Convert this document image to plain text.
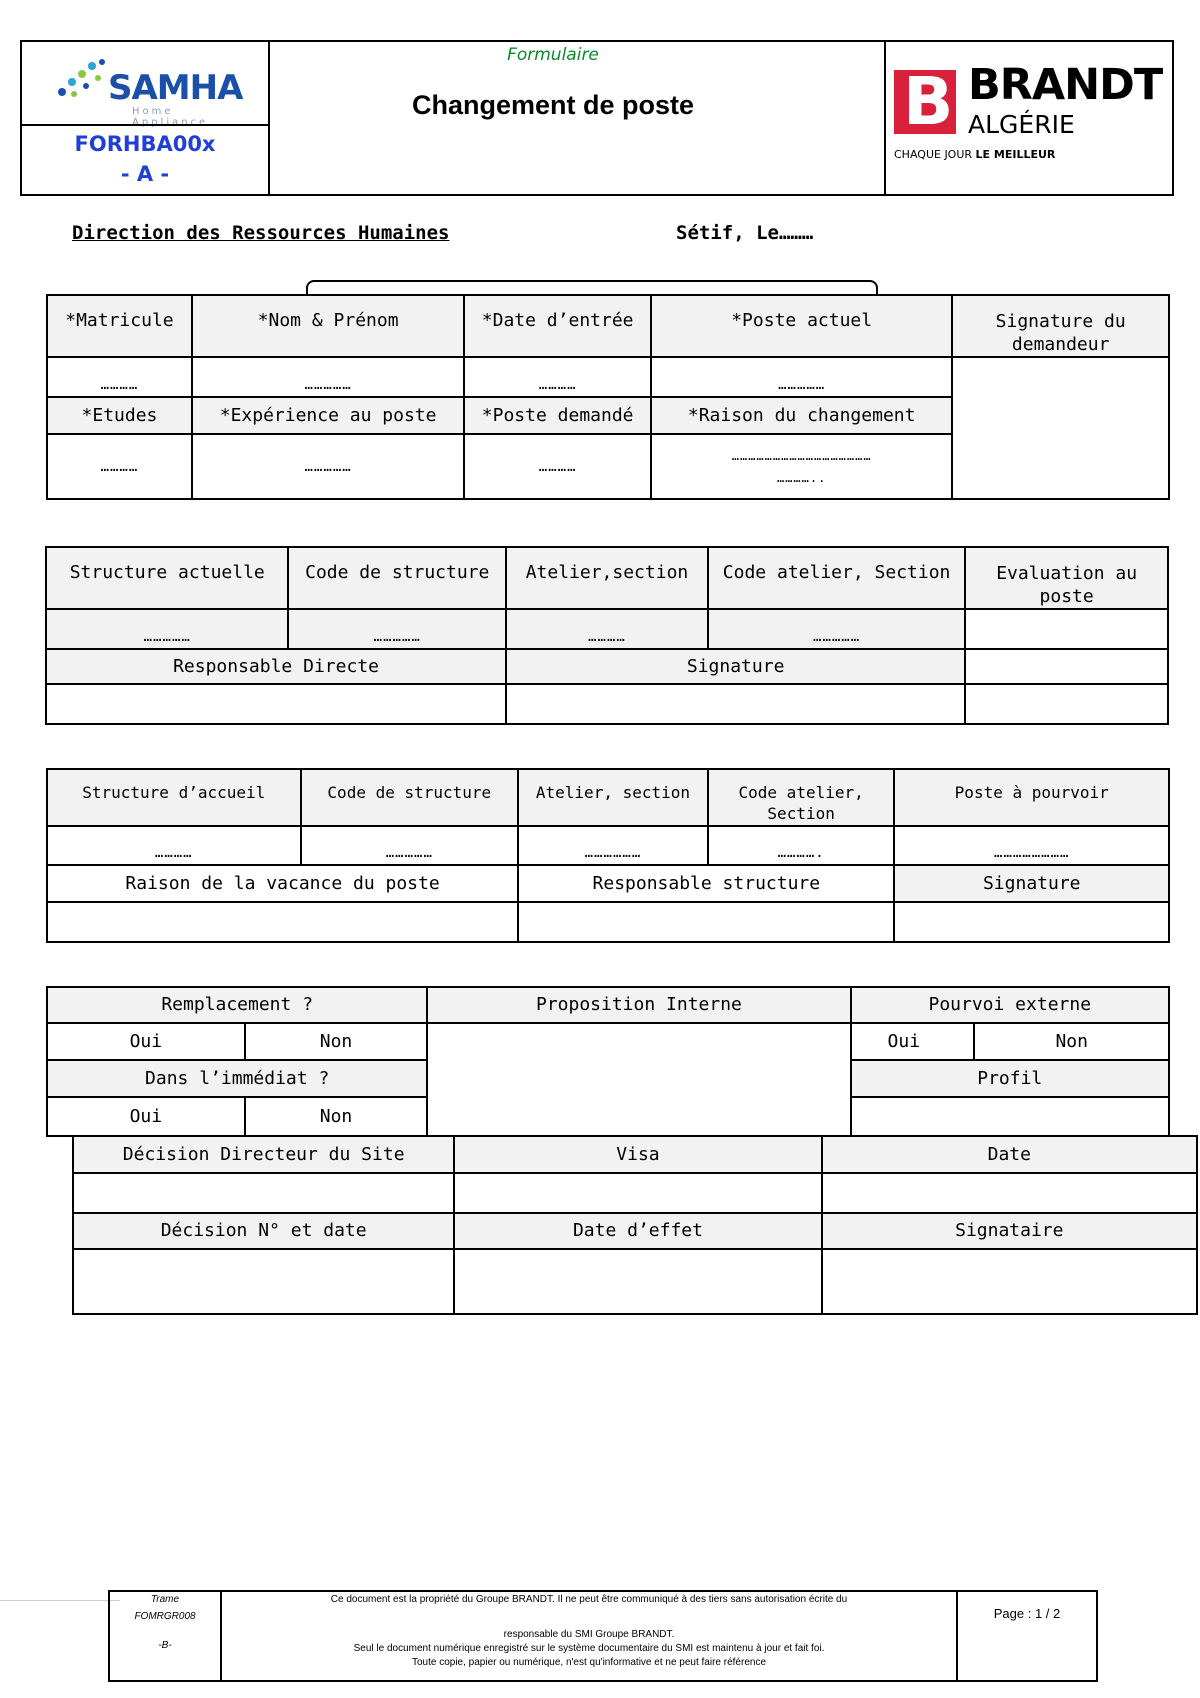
SAMHA
Home Appliance
FORHBA00x
- A -
Formulaire
Changement de poste	B BRANDT
ALGÉRIE
CHAQUE JOUR LE MEILLEUR
Direction des Ressources Humaines	Sétif, Le………
*Matricule	*Nom & Prénom	*Date d’entrée	*Poste actuel	Signature du demandeur
…………	……………	…………	……………	
*Etudes	*Expérience au poste	*Poste demandé	*Raison du changement	
…………	……………	…………	……………………………………………
…………..	
Structure actuelle	Code de structure	Atelier,section	Code atelier, Section	Evaluation au poste
……………	……………	…………	……………	
Responsable Directe		Signature		

Structure d’accueil	Code de structure	Atelier, section	Code atelier, Section	Poste à pourvoir
…………	……………	………………	………….	……………………
Raison de la vacance du poste		Responsable structure		Signature

Remplacement ?		Proposition Interne	Pourvoi externe	
Oui	Non		Oui	Non
Dans l’immédiat ?			Profil	
Oui	Non			
Décision Directeur du Site	Visa	Date

Décision N° et date	Date d’effet	Signataire

Trame
FOMRGR008
-B-
Ce document est la propriété du Groupe BRANDT. Il ne peut être communiqué à des tiers sans autorisation écrite du
responsable du SMI Groupe BRANDT.
Seul le document numérique enregistré sur le système documentaire du SMI est maintenu à jour et fait foi.
Toute copie, papier ou numérique, n'est qu'informative et ne peut faire référence
Page : 1 / 2
